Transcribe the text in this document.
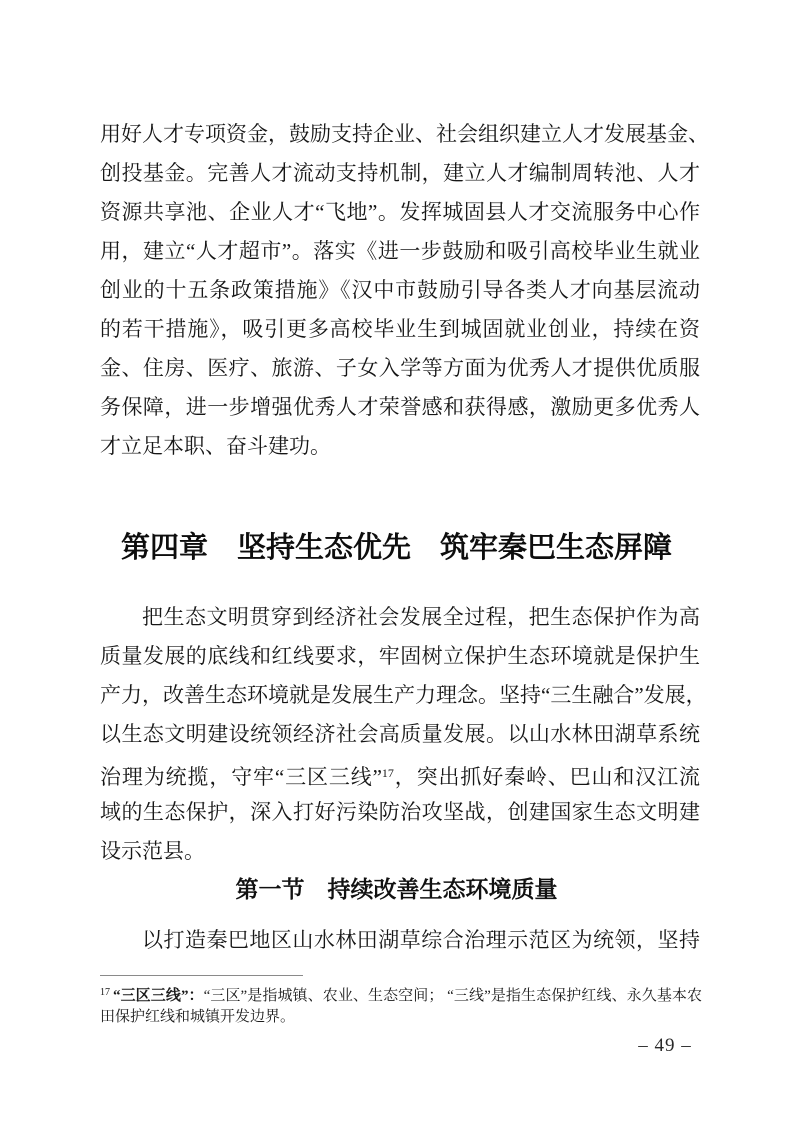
用好人才专项资金，鼓励支持企业、社会组织建立人才发展基金、
创投基金。完善人才流动支持机制，建立人才编制周转池、人才
资源共享池、企业人才“飞地”。发挥城固县人才交流服务中心作
用，建立“人才超市”。落实《进一步鼓励和吸引高校毕业生就业
创业的十五条政策措施》《汉中市鼓励引导各类人才向基层流动
的若干措施》，吸引更多高校毕业生到城固就业创业，持续在资
金、住房、医疗、旅游、子女入学等方面为优秀人才提供优质服
务保障，进一步增强优秀人才荣誉感和获得感，激励更多优秀人
才立足本职、奋斗建功。
第四章　坚持生态优先　筑牢秦巴生态屏障
把生态文明贯穿到经济社会发展全过程，把生态保护作为高
质量发展的底线和红线要求，牢固树立保护生态环境就是保护生
产力，改善生态环境就是发展生产力理念。坚持“三生融合”发展，
以生态文明建设统领经济社会高质量发展。以山水林田湖草系统
治理为统揽，守牢“三区三线”$^{17}$，突出抓好秦岭、巴山和汉江流
域的生态保护，深入打好污染防治攻坚战，创建国家生态文明建
设示范县。
第一节　持续改善生态环境质量
以打造秦巴地区山水林田湖草综合治理示范区为统领，坚持
$^{17}$ “三区三线”：“三区”是指城镇、农业、生态空间； “三线”是指生态保护红线、永久基本农田保护红线和城镇开发边界。
– 49 –
